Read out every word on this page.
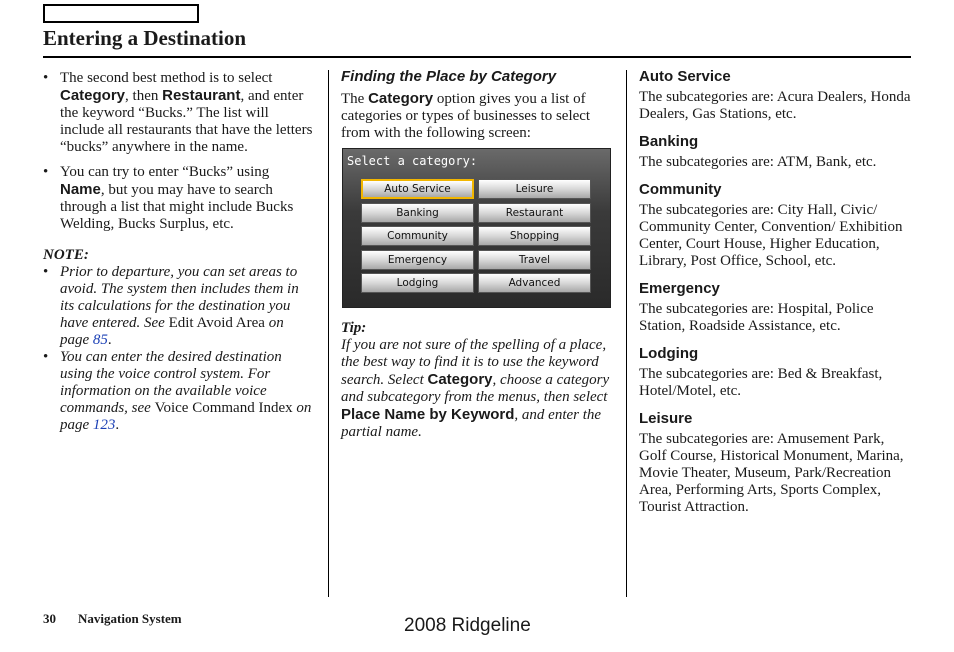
Entering a Destination
• The second best method is to select Category, then Restaurant, and enter the keyword “Bucks.” The list will include all restaurants that have the letters “bucks” anywhere in the name.
• You can try to enter “Bucks” using Name, but you may have to search through a list that might include Bucks Welding, Bucks Surplus, etc.

NOTE:

• Prior to departure, you can set areas to avoid. The system then includes them in its calculations for the destination you have entered. See Edit Avoid Area on page 85.
• You can enter the desired destination using the voice control system. For information on the available voice commands, see Voice Command Index on page 123.

Finding the Place by Category

The Category option gives you a list of categories or types of businesses to select from with the following screen:

Select a category:
Auto Service	Leisure
Banking	Restaurant
Community	Shopping
Emergency	Travel
Lodging	Advanced

Tip:

If you are not sure of the spelling of a place, the best way to find it is to use the keyword search. Select Category, choose a category and subcategory from the menus, then select Place Name by Keyword, and enter the partial name.

Auto Service

The subcategories are: Acura Dealers, Honda Dealers, Gas Stations, etc.

Banking

The subcategories are: ATM, Bank, etc.

Community

The subcategories are: City Hall, Civic/ Community Center, Convention/ Exhibition Center, Court House, Higher Education, Library, Post Office, School, etc.

Emergency

The subcategories are: Hospital, Police Station, Roadside Assistance, etc.

Lodging

The subcategories are: Bed & Breakfast, Hotel/Motel, etc.

Leisure

The subcategories are: Amusement Park, Golf Course, Historical Monument, Marina, Movie Theater, Museum, Park/Recreation Area, Performing Arts, Sports Complex, Tourist Attraction.

30 Navigation System	2008 Ridgeline
